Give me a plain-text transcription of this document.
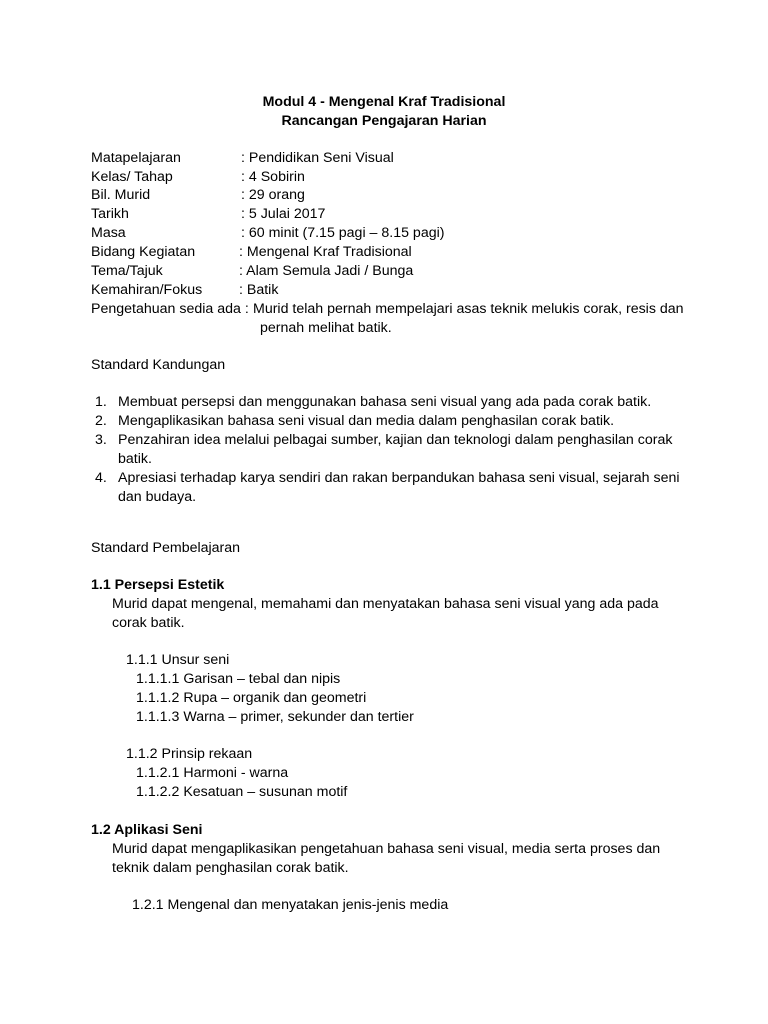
Modul 4 - Mengenal Kraf Tradisional
Rancangan Pengajaran Harian
Matapelajaran	: Pendidikan Seni Visual
Kelas/ Tahap	: 4 Sobirin
Bil. Murid	: 29 orang
Tarikh	: 5 Julai 2017
Masa	: 60 minit (7.15 pagi – 8.15 pagi)
Bidang Kegiatan	: Mengenal Kraf Tradisional
Tema/Tajuk	: Alam Semula Jadi / Bunga
Kemahiran/Fokus	: Batik
Pengetahuan sedia ada : Murid telah pernah mempelajari asas teknik melukis corak, resis dan
pernah melihat batik.
Standard Kandungan
1. Membuat persepsi dan menggunakan bahasa seni visual yang ada pada corak batik.
2. Mengaplikasikan bahasa seni visual dan media dalam penghasilan corak batik.
3. Penzahiran idea melalui pelbagai sumber, kajian dan teknologi dalam penghasilan corak
batik.
4. Apresiasi terhadap karya sendiri dan rakan berpandukan bahasa seni visual, sejarah seni
dan budaya.
Standard Pembelajaran
1.1 Persepsi Estetik
Murid dapat mengenal, memahami dan menyatakan bahasa seni visual yang ada pada
corak batik.
1.1.1 Unsur seni
1.1.1.1 Garisan – tebal dan nipis
1.1.1.2 Rupa – organik dan geometri
1.1.1.3 Warna – primer, sekunder dan tertier
1.1.2 Prinsip rekaan
1.1.2.1 Harmoni - warna
1.1.2.2 Kesatuan – susunan motif
1.2 Aplikasi Seni
Murid dapat mengaplikasikan pengetahuan bahasa seni visual, media serta proses dan
teknik dalam penghasilan corak batik.
1.2.1 Mengenal dan menyatakan jenis-jenis media
